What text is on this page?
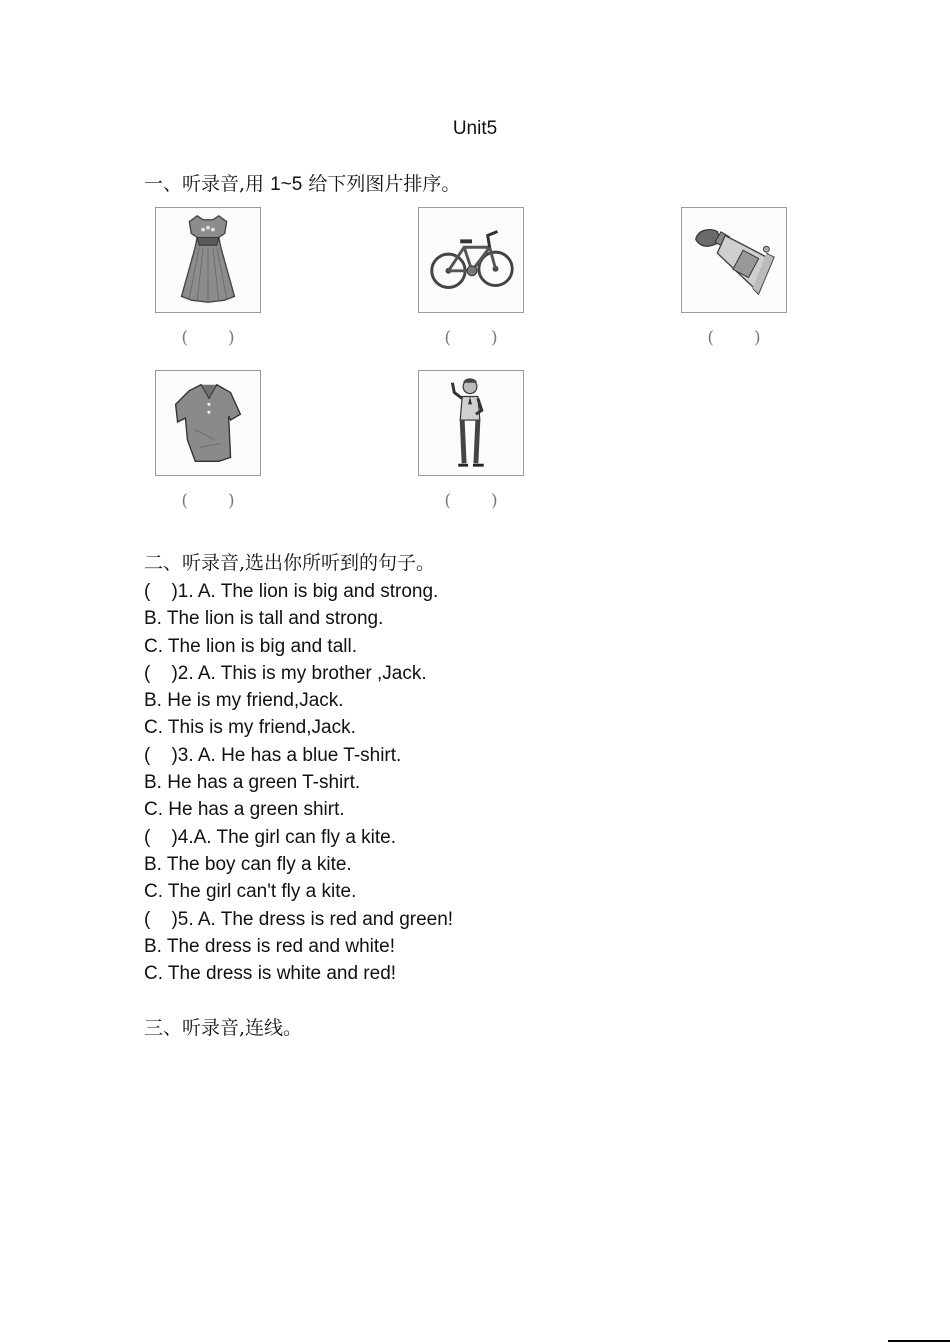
Unit5
一、听录音,用 1~5 给下列图片排序。
( )	( )	( )
( )	( )
二、听录音,选出你所听到的句子。
(    )1. A. The lion is big and strong.
B. The lion is tall and strong.
C. The lion is big and tall.
(    )2. A. This is my brother ,Jack.
B. He is my friend,Jack.
C. This is my friend,Jack.
(    )3. A. He has a blue T-shirt.
B. He has a green T-shirt.
C. He has a green shirt.
(    )4.A. The girl can fly a kite.
B. The boy can fly a kite.
C. The girl can't fly a kite.
(    )5. A. The dress is red and green!
B. The dress is red and white!
C. The dress is white and red!
三、听录音,连线。
